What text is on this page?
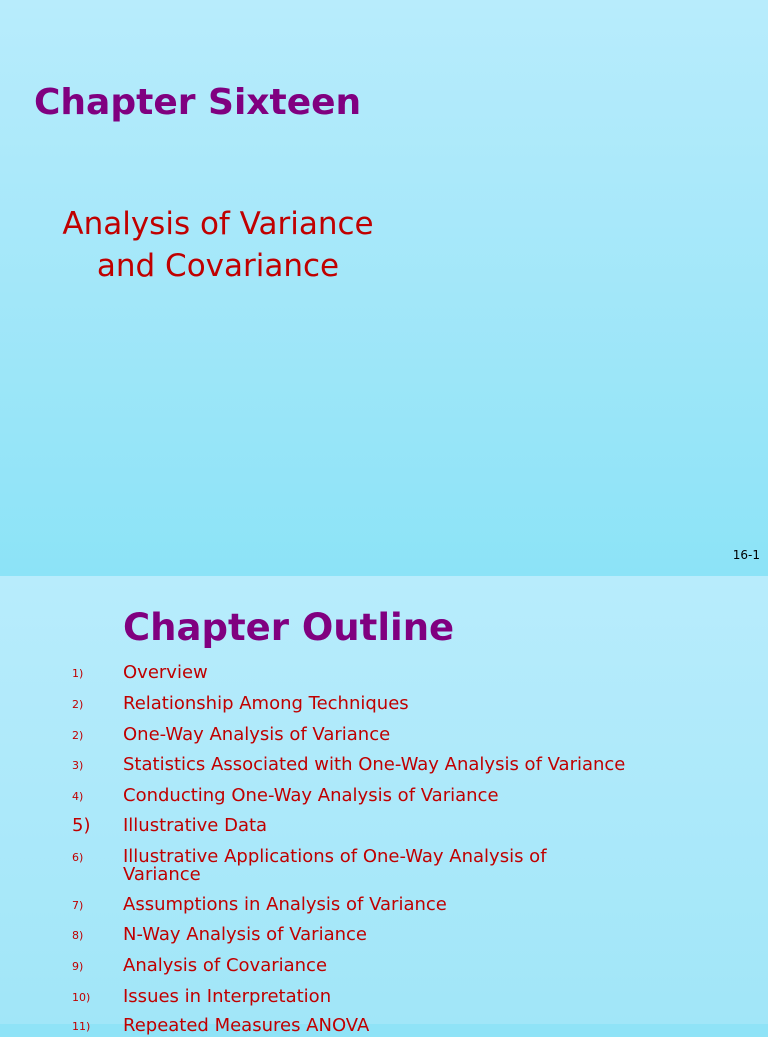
Chapter Sixteen
Analysis of Variance
and Covariance
16-1
Chapter Outline
1) Overview
2) Relationship Among Techniques
2) One-Way Analysis of Variance
3) Statistics Associated with One-Way Analysis of Variance
4) Conducting One-Way Analysis of Variance
5) Illustrative Data
6) Illustrative Applications of One-Way Analysis of Variance
7) Assumptions in Analysis of Variance
8) N-Way Analysis of Variance
9) Analysis of Covariance
10) Issues in Interpretation
11) Repeated Measures ANOVA
